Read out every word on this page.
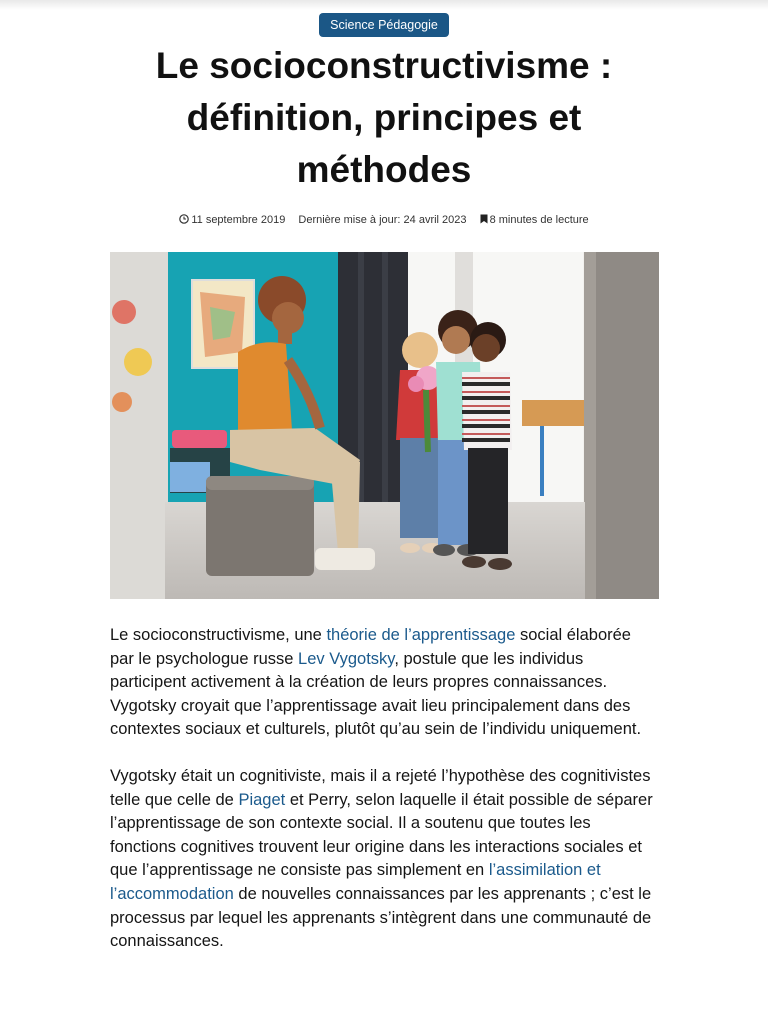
Science Pédagogie
Le socioconstructivisme : définition, principes et méthodes
11 septembre 2019 Dernière mise à jour: 24 avril 2023 8 minutes de lecture

Le socioconstructivisme, une théorie de l’apprentissage social élaborée par le psychologue russe Lev Vygotsky, postule que les individus participent activement à la création de leurs propres connaissances. Vygotsky croyait que l’apprentissage avait lieu principalement dans des contextes sociaux et culturels, plutôt qu’au sein de l’individu uniquement.

Vygotsky était un cognitiviste, mais il a rejeté l’hypothèse des cognitivistes telle que celle de Piaget et Perry, selon laquelle il était possible de séparer l’apprentissage de son contexte social. Il a soutenu que toutes les fonctions cognitives trouvent leur origine dans les interactions sociales et que l’apprentissage ne consiste pas simplement en l’assimilation et l’accommodation de nouvelles connaissances par les apprenants ; c’est le processus par lequel les apprenants s’intègrent dans une communauté de connaissances.
